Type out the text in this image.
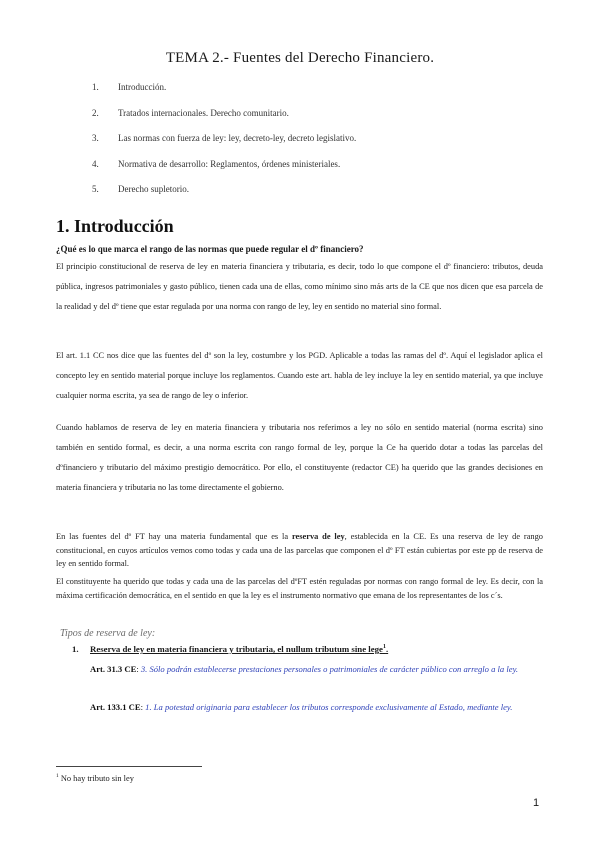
TEMA 2.- Fuentes del Derecho Financiero.
1.	Introducción.
2.	Tratados internacionales. Derecho comunitario.
3.	Las normas con fuerza de ley: ley, decreto-ley, decreto legislativo.
4.	Normativa de desarrollo: Reglamentos, órdenes ministeriales.
5.	Derecho supletorio.
1. Introducción
¿Qué es lo que marca el rango de las normas que puede regular el dº financiero?
El principio constitucional de reserva de ley en materia financiera y tributaria, es decir, todo lo que compone el dº financiero: tributos, deuda pública, ingresos patrimoniales y gasto público, tienen cada una de ellas, como mínimo sino más arts de la CE que nos dicen que esa parcela de la realidad y del dº tiene que estar regulada por una norma con rango de ley, ley en sentido no material sino formal.
El art. 1.1 CC nos dice que las fuentes del dº son la ley, costumbre y los PGD. Aplicable a todas las ramas del dº. Aquí el legislador aplica el concepto ley en sentido material porque incluye los reglamentos. Cuando este art. habla de ley incluye la ley en sentido material, ya que incluye cualquier norma escrita, ya sea de rango de ley o inferior.
Cuando hablamos de reserva de ley en materia financiera y tributaria nos referimos a ley no sólo en sentido material (norma escrita) sino también en sentido formal, es decir, a una norma escrita con rango formal de ley, porque la Ce ha querido dotar a todas las parcelas del dºfinanciero y tributario del máximo prestigio democrático. Por ello, el constituyente (redactor CE) ha querido que las grandes decisiones en materia financiera y tributaria no las tome directamente el gobierno.
En las fuentes del dº FT hay una materia fundamental que es la reserva de ley, establecida en la CE. Es una reserva de ley de rango constitucional, en cuyos artículos vemos como todas y cada una de las parcelas que componen el dº FT están cubiertas por este pp de reserva de ley en sentido formal.
El constituyente ha querido que todas y cada una de las parcelas del dºFT estén reguladas por normas con rango formal de ley. Es decir, con la máxima certificación democrática, en el sentido en que la ley es el instrumento normativo que emana de los representantes de los c´s.
Tipos de reserva de ley:
1. Reserva de ley en materia financiera y tributaria, el nullum tributum sine lege$^1$.
Art. 31.3 CE: 3. Sólo podrán establecerse prestaciones personales o patrimoniales de carácter público con arreglo a la ley.
Art. 133.1 CE: 1. La potestad originaria para establecer los tributos corresponde exclusivamente al Estado, mediante ley.
$^1$ No hay tributo sin ley
1
